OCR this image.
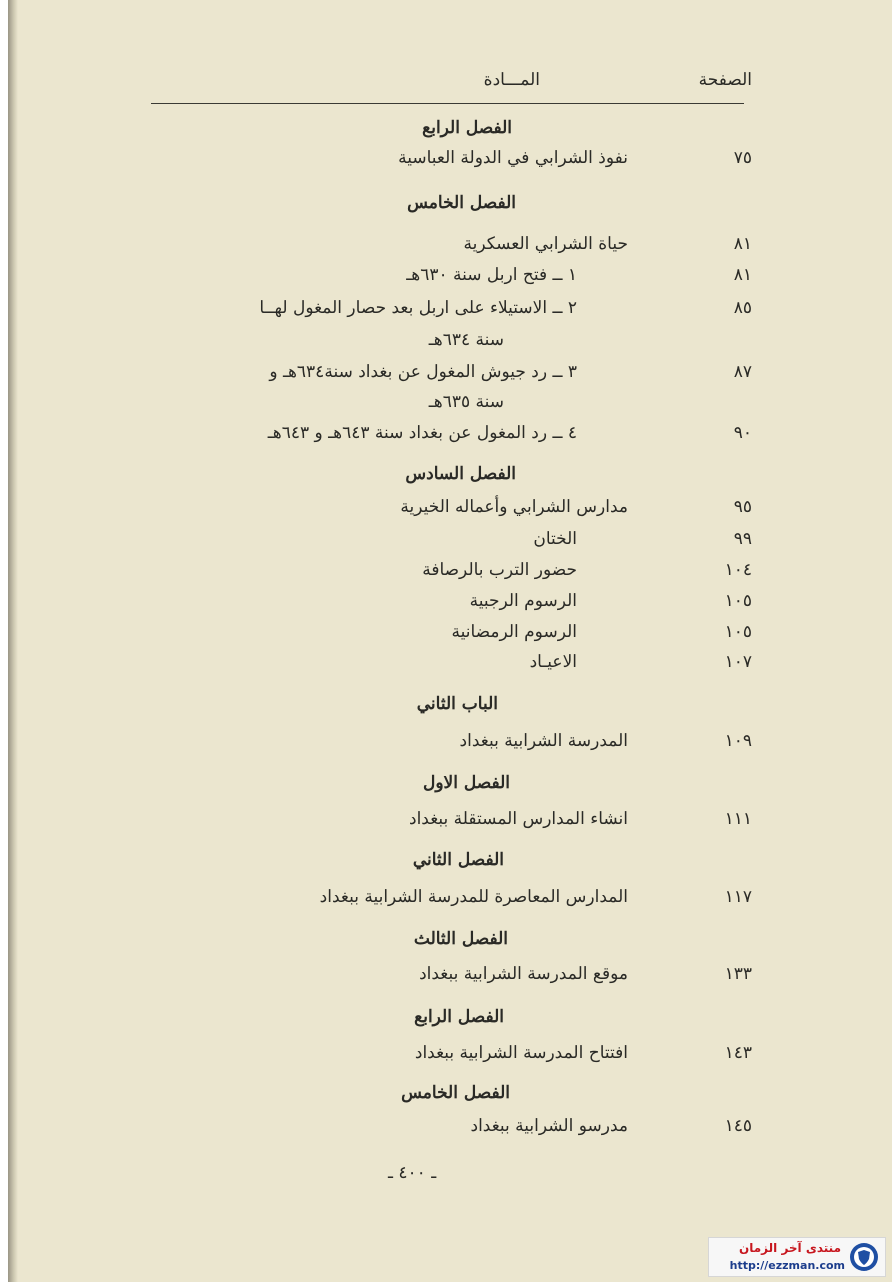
الصفحة
المـــادة
الفصل الرابع
٧٥
نفوذ الشرابي في الدولة العباسية
الفصل الخامس
٨١
حياة الشرابي العسكرية
٨١
١ ــ فتح اربل سنة ٦٣٠هـ
٨٥
٢ ــ الاستيلاء على اربل بعد حصار المغول لهــا
سنة ٦٣٤هـ
٨٧
٣ ــ رد جيوش المغول عن بغداد سنة٦٣٤هـ و
سنة ٦٣٥هـ
٩٠
٤ ــ رد المغول عن بغداد سنة ٦٤٣هـ و ٦٤٣هـ
الفصل السادس
٩٥
مدارس الشرابي وأعماله الخيرية
٩٩
الختان
١٠٤
حضور الترب بالرصافة
١٠٥
الرسوم الرجبية
١٠٥
الرسوم الرمضانية
١٠٧
الاعيـاد
الباب الثاني
١٠٩
المدرسة الشرابية ببغداد
الفصل الاول
١١١
انشاء المدارس المستقلة ببغداد
الفصل الثاني
١١٧
المدارس المعاصرة للمدرسة الشرابية ببغداد
الفصل الثالث
١٣٣
موقع المدرسة الشرابية ببغداد
الفصل الرابع
١٤٣
افتتاح المدرسة الشرابية ببغداد
الفصل الخامس
١٤٥
مدرسو الشرابية ببغداد
ـ ٤٠٠ ـ
منتدى آخر الزمان
http://ezzman.com
